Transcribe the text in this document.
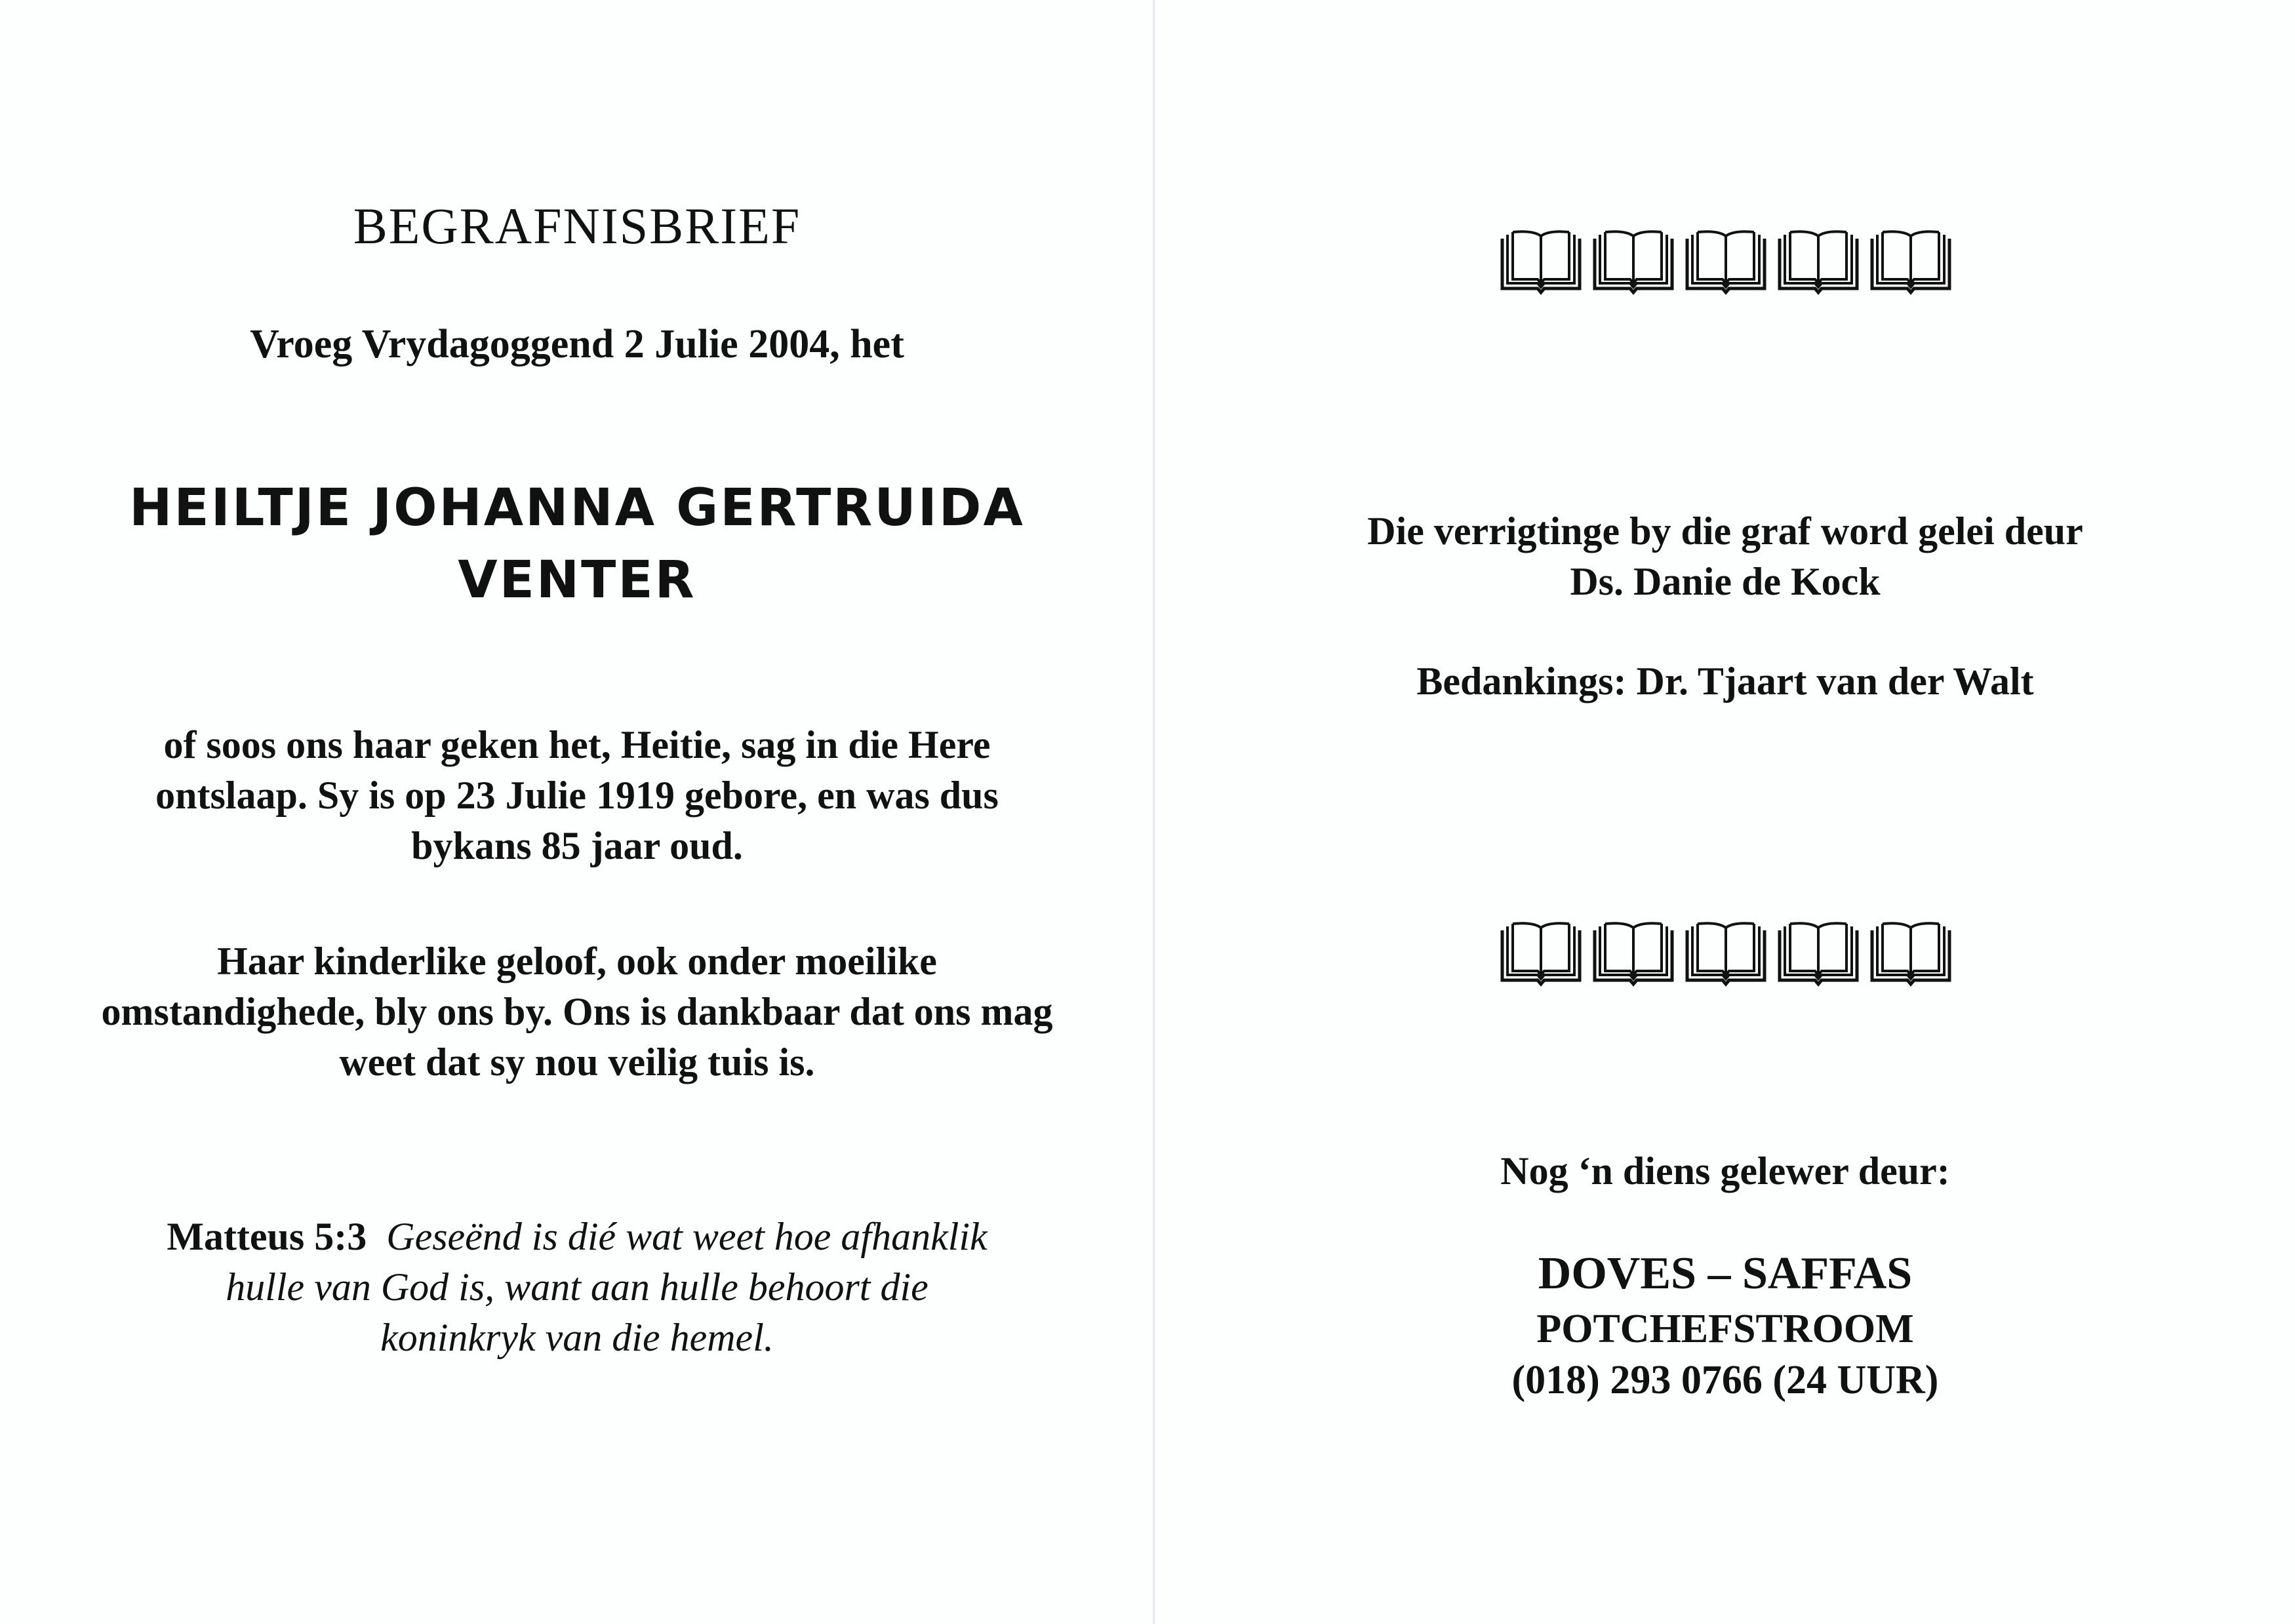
BEGRAFNISBRIEF
Vroeg Vrydagoggend 2 Julie 2004, het
HEILTJE JOHANNA GERTRUIDA
VENTER
of soos ons haar geken het, Heitie, sag in die Here ontslaap. Sy is op 23 Julie 1919 gebore, en was dus bykans 85 jaar oud.
Haar kinderlike geloof, ook onder moeilike omstandighede, bly ons by. Ons is dankbaar dat ons mag weet dat sy nou veilig tuis is.
Matteus 5:3 Geseënd is dié wat weet hoe afhanklik hulle van God is, want aan hulle behoort die koninkryk van die hemel.
Die verrigtinge by die graf word gelei deur
Ds. Danie de Kock
Bedankings: Dr. Tjaart van der Walt
Nog ‘n diens gelewer deur:
DOVES – SAFFAS
POTCHEFSTROOM
(018) 293 0766 (24 UUR)
